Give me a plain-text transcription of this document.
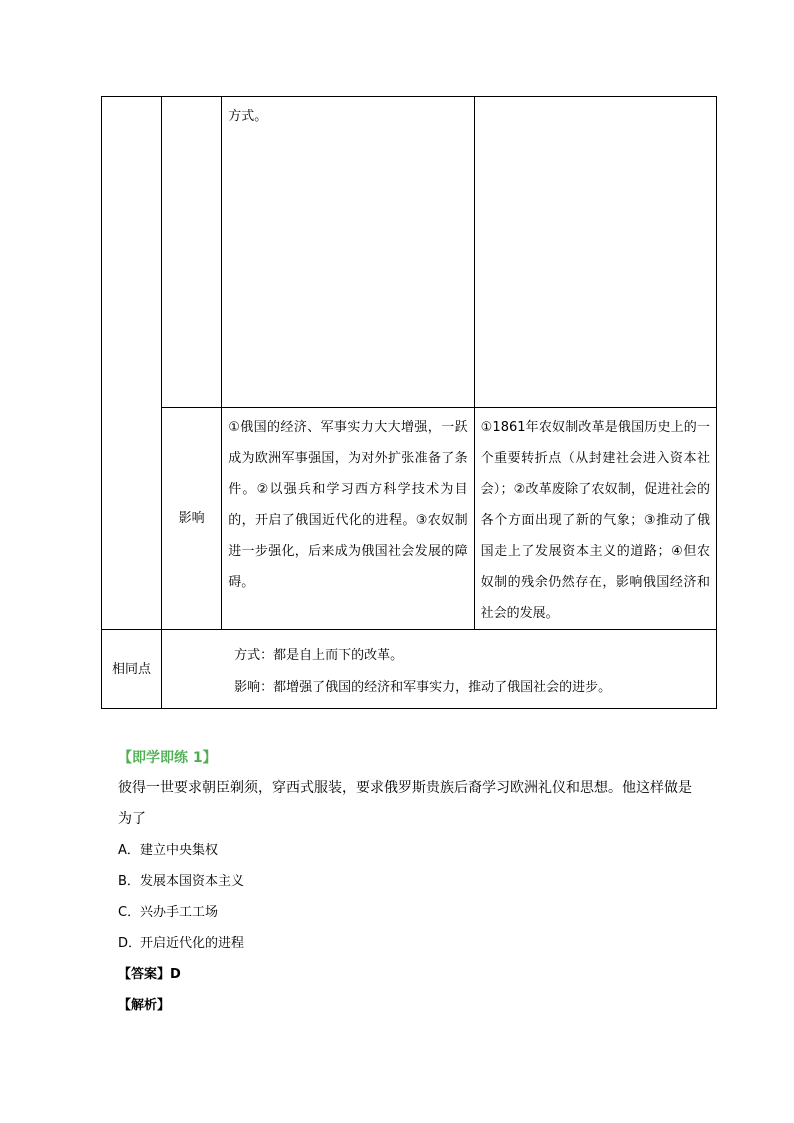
		方式。	

	影响	①俄国的经济、军事实力大大增强，一跃成为欧洲军事强国，为对外扩张准备了条件。②以强兵和学习西方科学技术为目的，开启了俄国近代化的进程。③农奴制进一步强化，后来成为俄国社会发展的障碍。	①1861年农奴制改革是俄国历史上的一个重要转折点（从封建社会进入资本社会）；②改革废除了农奴制，促进社会的各个方面出现了新的气象；③推动了俄国走上了发展资本主义的道路；④但农奴制的残余仍然存在，影响俄国经济和社会的发展。

相同点	方式：都是自上而下的改革。
影响：都增强了俄国的经济和军事实力，推动了俄国社会的进步。		
【即学即练 1】
彼得一世要求朝臣剃须，穿西式服装，要求俄罗斯贵族后裔学习欧洲礼仪和思想。他这样做是为了
A．建立中央集权
B．发展本国资本主义
C．兴办手工工场
D．开启近代化的进程
【答案】D
【解析】
